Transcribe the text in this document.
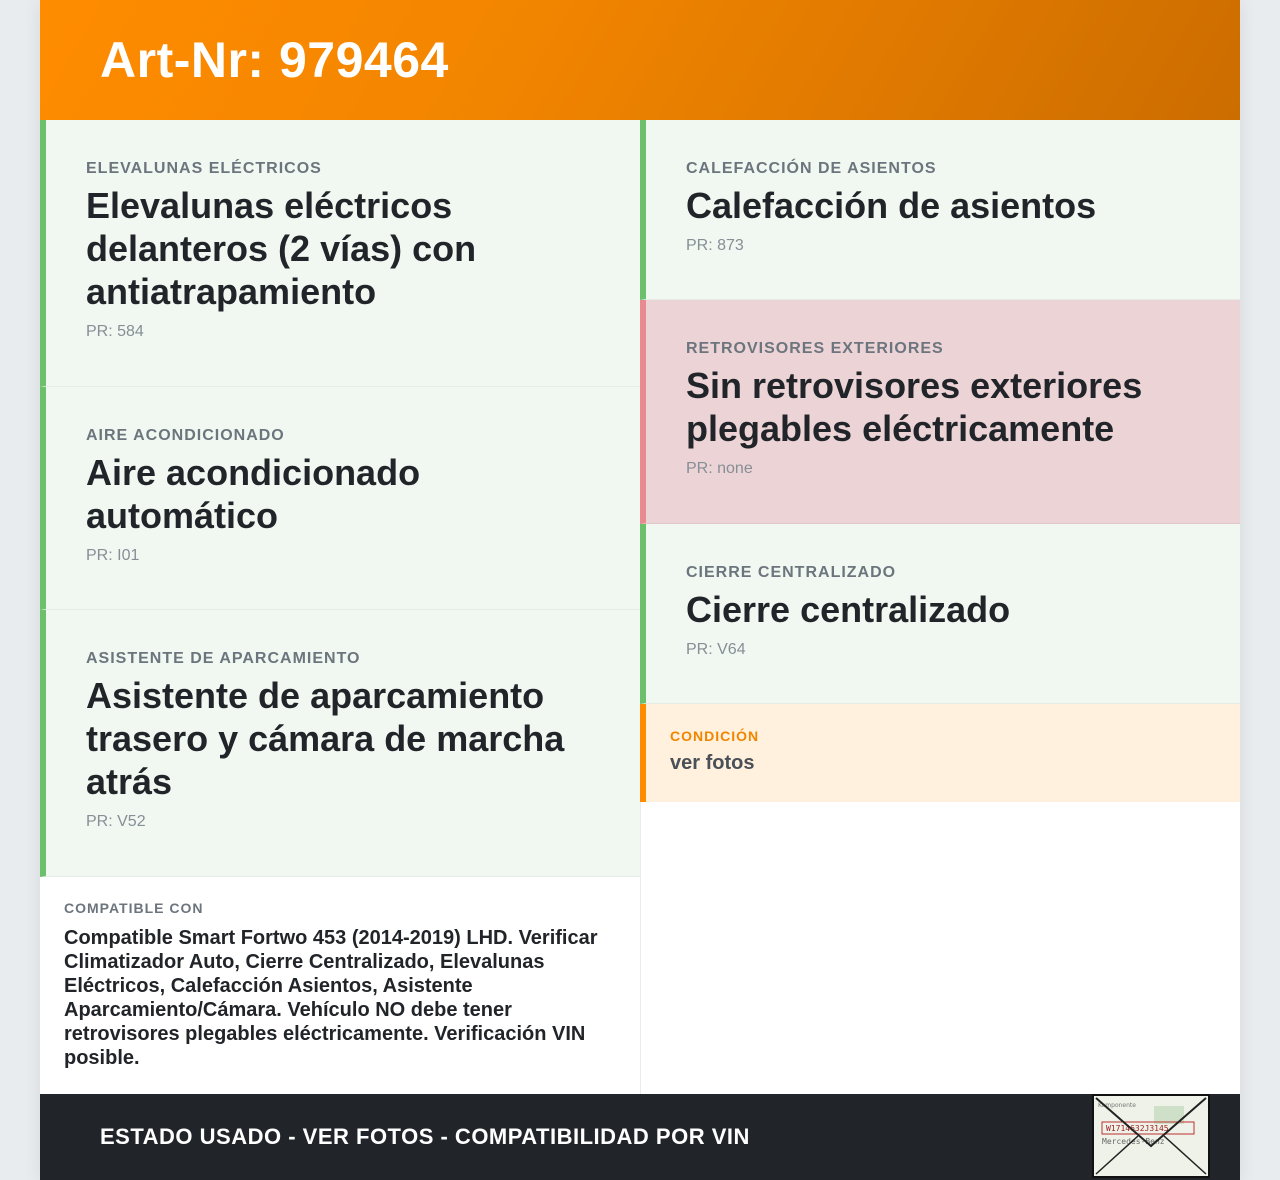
Art-Nr: 979464
ELEVALUNAS ELÉCTRICOS
Elevalunas eléctricos delanteros (2 vías) con antiatrapamiento
PR: 584
AIRE ACONDICIONADO
Aire acondicionado automático
PR: I01
ASISTENTE DE APARCAMIENTO
Asistente de aparcamiento trasero y cámara de marcha atrás
PR: V52
COMPATIBLE CON
Compatible Smart Fortwo 453 (2014-2019) LHD. Verificar Climatizador Auto, Cierre Centralizado, Elevalunas Eléctricos, Calefacción Asientos, Asistente Aparcamiento/Cámara. Vehículo NO debe tener retrovisores plegables eléctricamente. Verificación VIN posible.
CALEFACCIÓN DE ASIENTOS
Calefacción de asientos
PR: 873
RETROVISORES EXTERIORES
Sin retrovisores exteriores plegables eléctricamente
PR: none
CIERRE CENTRALIZADO
Cierre centralizado
PR: V64
CONDICIÓN
ver fotos
ESTADO USADO - VER FOTOS - COMPATIBILIDAD POR VIN
Komponente
W1714632J3145
Mercedes-Benz
